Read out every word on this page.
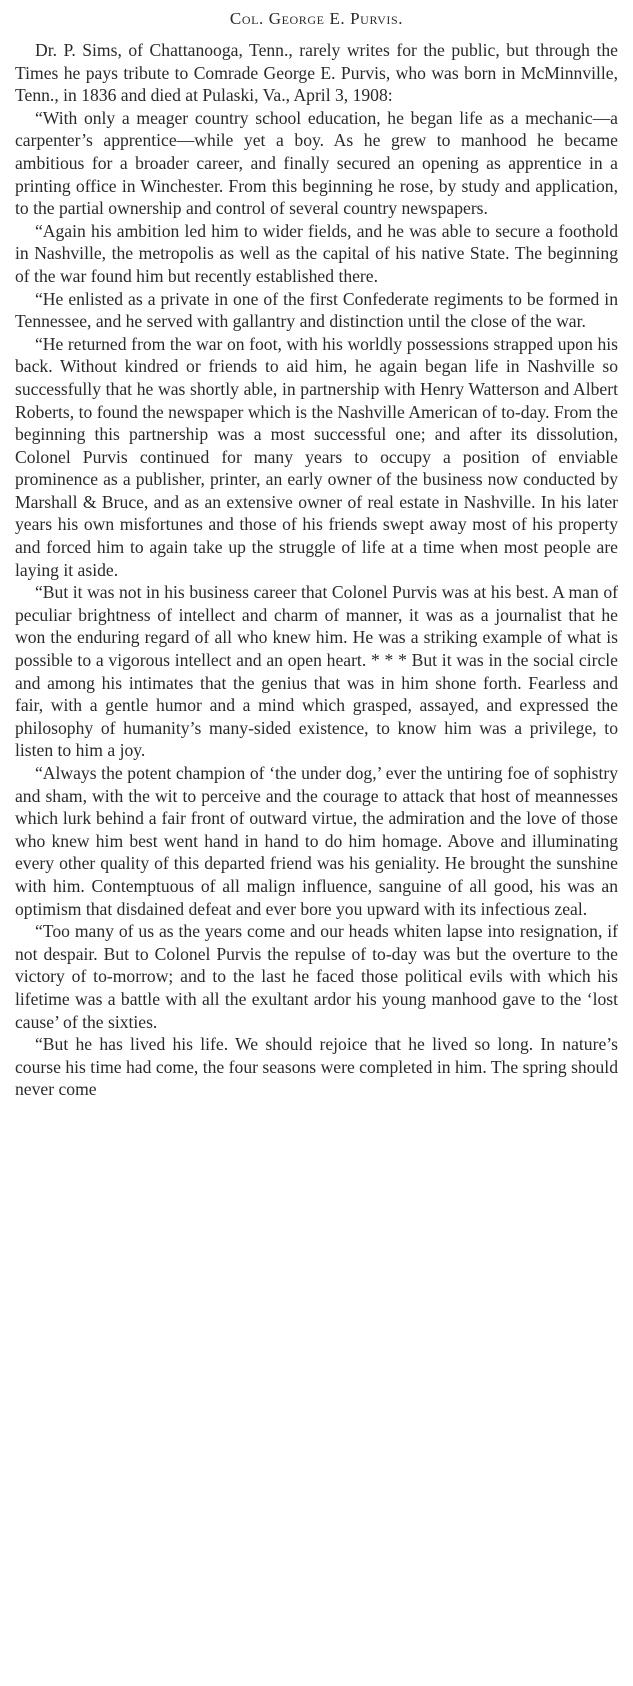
Col. George E. Purvis.

Dr. P. Sims, of Chattanooga, Tenn., rarely writes for the public, but through the Times he pays tribute to Comrade George E. Purvis, who was born in McMinnville, Tenn., in 1836 and died at Pulaski, Va., April 3, 1908:

“With only a meager country school education, he began life as a mechanic—a carpenter’s apprentice—while yet a boy. As he grew to manhood he became ambitious for a broader career, and finally secured an opening as apprentice in a printing office in Winchester. From this beginning he rose, by study and application, to the partial ownership and control of several country newspapers.

“Again his ambition led him to wider fields, and he was able to secure a foothold in Nashville, the metropolis as well as the capital of his native State. The beginning of the war found him but recently established there.

“He enlisted as a private in one of the first Confederate regiments to be formed in Tennessee, and he served with gallantry and distinction until the close of the war.

“He returned from the war on foot, with his worldly possessions strapped upon his back. Without kindred or friends to aid him, he again began life in Nashville so successfully that he was shortly able, in partnership with Henry Watterson and Albert Roberts, to found the newspaper which is the Nashville American of to-day. From the beginning this partnership was a most successful one; and after its dissolution, Colonel Purvis continued for many years to occupy a position of enviable prominence as a publisher, printer, an early owner of the business now conducted by Marshall & Bruce, and as an extensive owner of real estate in Nashville. In his later years his own misfortunes and those of his friends swept away most of his property and forced him to again take up the struggle of life at a time when most people are laying it aside.

“But it was not in his business career that Colonel Purvis was at his best. A man of peculiar brightness of intellect and charm of manner, it was as a journalist that he won the enduring regard of all who knew him. He was a striking example of what is possible to a vigorous intellect and an open heart. * * * But it was in the social circle and among his intimates that the genius that was in him shone forth. Fearless and fair, with a gentle humor and a mind which grasped, assayed, and expressed the philosophy of humanity’s many-sided existence, to know him was a privilege, to listen to him a joy.

“Always the potent champion of ‘the under dog,’ ever the untiring foe of sophistry and sham, with the wit to perceive and the courage to attack that host of meannesses which lurk behind a fair front of outward virtue, the admiration and the love of those who knew him best went hand in hand to do him homage. Above and illuminating every other quality of this departed friend was his geniality. He brought the sunshine with him. Contemptuous of all malign influence, sanguine of all good, his was an optimism that disdained defeat and ever bore you upward with its infectious zeal.

“Too many of us as the years come and our heads whiten lapse into resignation, if not despair. But to Colonel Purvis the repulse of to-day was but the overture to the victory of to-morrow; and to the last he faced those political evils with which his lifetime was a battle with all the exultant ardor his young manhood gave to the ‘lost cause’ of the sixties.

“But he has lived his life. We should rejoice that he lived so long. In nature’s course his time had come, the four seasons were completed in him. The spring should never come
